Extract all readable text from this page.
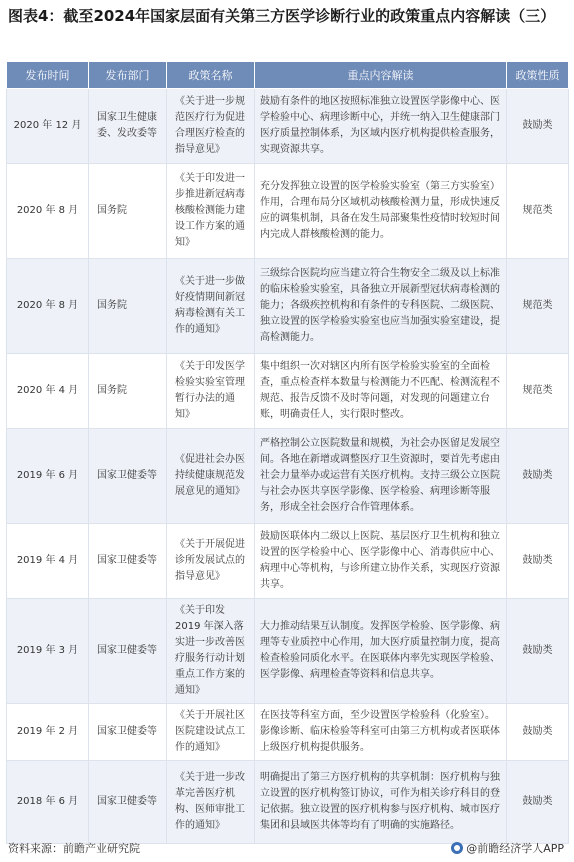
图表4：截至2024年国家层面有关第三方医学诊断行业的政策重点内容解读（三）
发布时间	发布部门	政策名称	重点内容解读	政策性质
2020 年 12 月	国家卫生健康委、发改委等	《关于进一步规范医疗行为促进合理医疗检查的指导意见》	鼓励有条件的地区按照标准独立设置医学影像中心、医学检验中心、病理诊断中心，并统一纳入卫生健康部门医疗质量控制体系，为区域内医疗机构提供检查服务，实现资源共享。	鼓励类
2020 年 8 月	国务院	《关于印发进一步推进新冠病毒核酸检测能力建设工作方案的通知》	充分发挥独立设置的医学检验实验室（第三方实验室）作用，合理布局分区域机动核酸检测力量，形成快速反应的调集机制，具备在发生局部聚集性疫情时较短时间内完成人群核酸检测的能力。	规范类
2020 年 8 月	国务院	《关于进一步做好疫情期间新冠病毒检测有关工作的通知》	三级综合医院均应当建立符合生物安全二级及以上标准的临床检验实验室，具备独立开展新型冠状病毒检测的能力；各级疾控机构和有条件的专科医院、二级医院、独立设置的医学检验实验室也应当加强实验室建设，提高检测能力。	规范类
2020 年 4 月	国务院	《关于印发医学检验实验室管理暂行办法的通知》	集中组织一次对辖区内所有医学检验实验室的全面检查，重点检查样本数量与检测能力不匹配、检测流程不规范、报告反馈不及时等问题，对发现的问题建立台账，明确责任人，实行限时整改。	规范类
2019 年 6 月	国家卫健委等	《促进社会办医持续健康规范发展意见的通知》	严格控制公立医院数量和规模，为社会办医留足发展空间。各地在新增或调整医疗卫生资源时，要首先考虑由社会力量举办或运营有关医疗机构。支持三级公立医院与社会办医共享医学影像、医学检验、病理诊断等服务，形成全社会医疗合作管理体系。	鼓励类
2019 年 4 月	国家卫健委等	《关于开展促进诊所发展试点的指导意见》	鼓励医联体内二级以上医院、基层医疗卫生机构和独立设置的医学检验中心、医学影像中心、消毒供应中心、病理中心等机构，与诊所建立协作关系，实现医疗资源共享。	鼓励类
2019 年 3 月	国家卫健委等	《关于印发 2019 年深入落实进一步改善医疗服务行动计划重点工作方案的通知》	大力推动结果互认制度。发挥医学检验、医学影像、病理等专业质控中心作用，加大医疗质量控制力度，提高检查检验同质化水平。在医联体内率先实现医学检验、医学影像、病理检查等资料和信息共享。	鼓励类
2019 年 2 月	国家卫健委等	《关于开展社区医院建设试点工作的通知》	在医技等科室方面，至少设置医学检验科（化验室）。影像诊断、临床检验等科室可由第三方机构或者医联体上级医疗机构提供服务。	鼓励类
2018 年 6 月	国家卫健委等	《关于进一步改革完善医疗机构、医师审批工作的通知》	明确提出了第三方医疗机构的共享机制：医疗机构与独立设置的医疗机构签订协议，可作为相关诊疗科目的登记依据。独立设置的医疗机构参与医疗机构、城市医疗集团和县域医共体等均有了明确的实施路径。	鼓励类
资料来源：前瞻产业研究院	@前瞻经济学人APP
